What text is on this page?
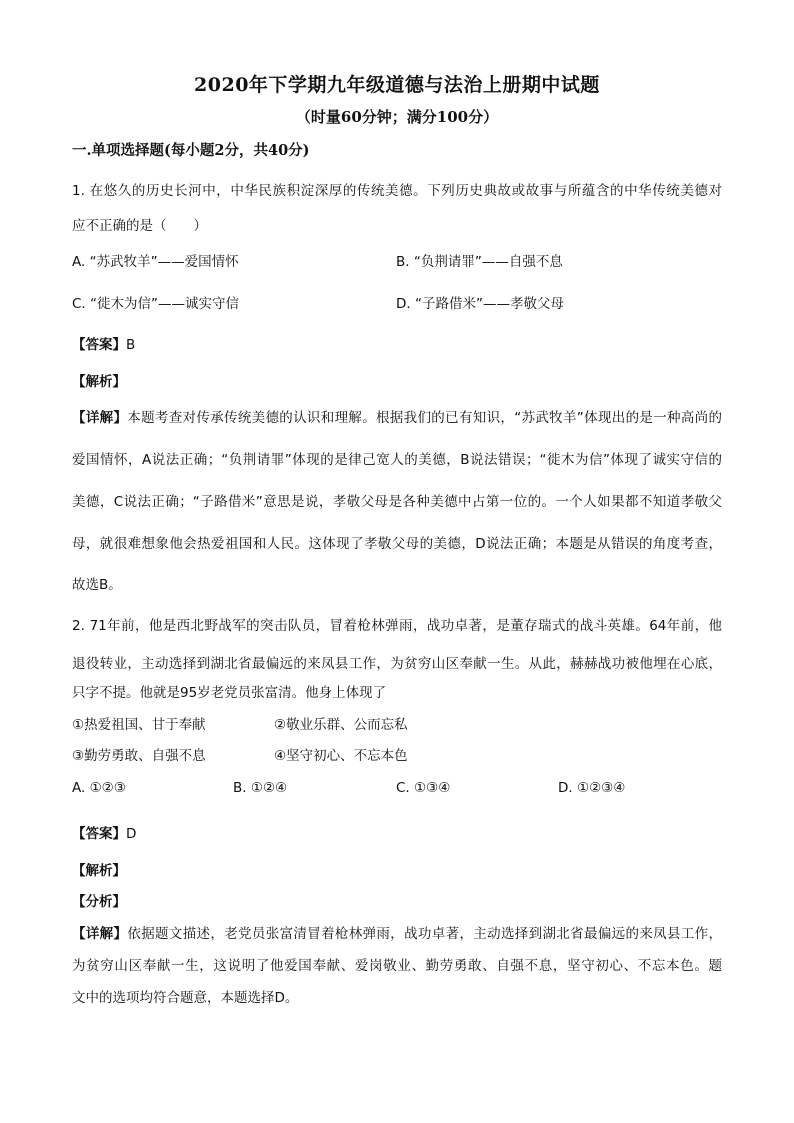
2020年下学期九年级道德与法治上册期中试题
（时量60分钟；满分100分）
一.单项选择题(每小题2分，共40分)
1. 在悠久的历史长河中，中华民族积淀深厚的传统美德。下列历史典故或故事与所蕴含的中华传统美德对
应不正确的是（　　）
A. “苏武牧羊”——爱国情怀	B. “负荆请罪”——自强不息
C. “徙木为信”——诚实守信	D. “子路借米”——孝敬父母
【答案】B
【解析】
【详解】本题考查对传承传统美德的认识和理解。根据我们的已有知识，“苏武牧羊”体现出的是一种高尚的
爱国情怀，A说法正确；“负荆请罪”体现的是律己宽人的美德，B说法错误；“徙木为信”体现了诚实守信的
美德，C说法正确；“子路借米”意思是说，孝敬父母是各种美德中占第一位的。一个人如果都不知道孝敬父
母，就很难想象他会热爱祖国和人民。这体现了孝敬父母的美德，D说法正确；本题是从错误的角度考查，
故选B。
2. 71年前，他是西北野战军的突击队员，冒着枪林弹雨，战功卓著，是董存瑞式的战斗英雄。64年前，他
退役转业，主动选择到湖北省最偏远的来凤县工作，为贫穷山区奉献一生。从此，赫赫战功被他埋在心底，
只字不提。他就是95岁老党员张富清。他身上体现了
①热爱祖国、甘于奉献	②敬业乐群、公而忘私
③勤劳勇敢、自强不息	④坚守初心、不忘本色
A. ①②③	B. ①②④	C. ①③④	D. ①②③④
【答案】D
【解析】
【分析】
【详解】依据题文描述，老党员张富清冒着枪林弹雨，战功卓著，主动选择到湖北省最偏远的来凤县工作，
为贫穷山区奉献一生，这说明了他爱国奉献、爱岗敬业、勤劳勇敢、自强不息，坚守初心、不忘本色。题
文中的选项均符合题意，本题选择D。
